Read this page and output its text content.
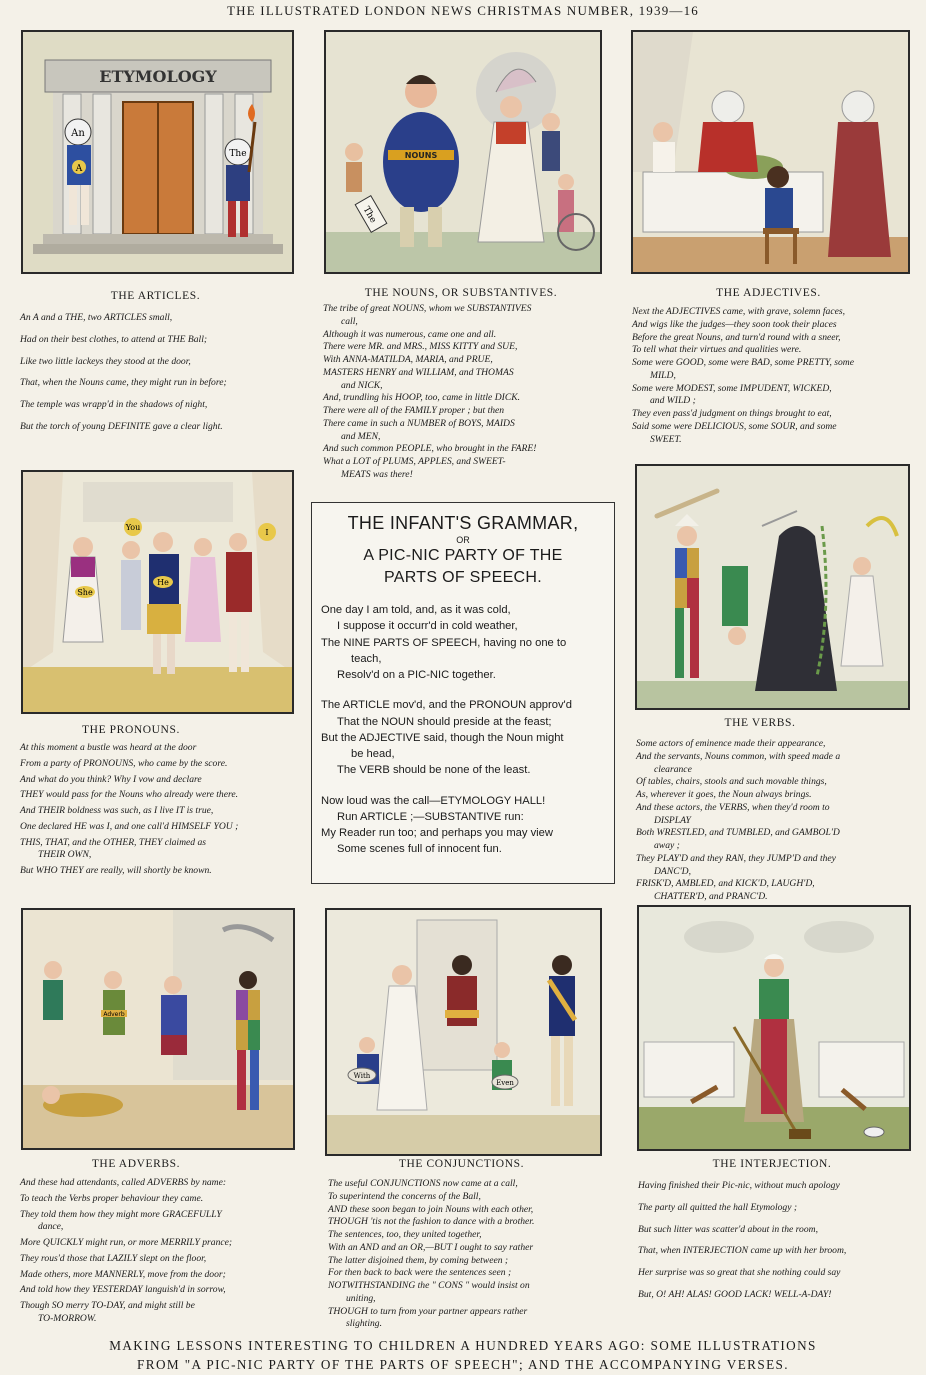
THE ILLUSTRATED LONDON NEWS CHRISTMAS NUMBER, 1939—16
ETYMOLOGY
An
A
The
THE ARTICLES.
An A and a THE, two ARTICLES small,
Had on their best clothes, to attend at THE Ball;
Like two little lackeys they stood at the door,
That, when the Nouns came, they might run in before;
The temple was wrapp'd in the shadows of night,
But the torch of young DEFINITE gave a clear light.
NOUNS
The
THE NOUNS, OR SUBSTANTIVES.
The tribe of great NOUNS, whom we SUBSTANTIVES
call,
Although it was numerous, came one and all.
There were MR. and MRS., MISS KITTY and SUE,
With ANNA-MATILDA, MARIA, and PRUE,
MASTERS HENRY and WILLIAM, and THOMAS
and NICK,
And, trundling his HOOP, too, came in little DICK.
There were all of the FAMILY proper ; but then
There came in such a NUMBER of BOYS, MAIDS
and MEN,
And such common PEOPLE, who brought in the FARE!
What a LOT of PLUMS, APPLES, and SWEET-
MEATS was there!
THE ADJECTIVES.
Next the ADJECTIVES came, with grave, solemn faces,
And wigs like the judges—they soon took their places
Before the great Nouns, and turn'd round with a sneer,
To tell what their virtues and qualities were.
Some were GOOD, some were BAD, some PRETTY, some
MILD,
Some were MODEST, some IMPUDENT, WICKED,
and WILD ;
They even pass'd judgment on things brought to eat,
Said some were DELICIOUS, some SOUR, and some
SWEET.
She
You
He
I
THE PRONOUNS.
At this moment a bustle was heard at the door
From a party of PRONOUNS, who came by the score.
And what do you think? Why I vow and declare
THEY would pass for the Nouns who already were there.
And THEIR boldness was such, as I live IT is true,
One declared HE was I, and one call'd HIMSELF YOU ;
THIS, THAT, and the OTHER, THEY claimed as
THEIR OWN,
But WHO THEY are really, will shortly be known.
THE INFANT'S GRAMMAR,
OR
A PIC-NIC PARTY OF THE
PARTS OF SPEECH.
One day I am told, and, as it was cold,
I suppose it occurr'd in cold weather,
The NINE PARTS OF SPEECH, having no one to
teach,
Resolv'd on a PIC-NIC together.
The ARTICLE mov'd, and the PRONOUN approv'd
That the NOUN should preside at the feast;
But the ADJECTIVE said, though the Noun might
be head,
The VERB should be none of the least.
Now loud was the call—ETYMOLOGY HALL!
Run ARTICLE ;—SUBSTANTIVE run:
My Reader run too; and perhaps you may view
Some scenes full of innocent fun.
THE VERBS.
Some actors of eminence made their appearance,
And the servants, Nouns common, with speed made a
clearance
Of tables, chairs, stools and such movable things,
As, wherever it goes, the Noun always brings.
And these actors, the VERBS, when they'd room to
DISPLAY
Both WRESTLED, and TUMBLED, and GAMBOL'D
away ;
They PLAY'D and they RAN, they JUMP'D and they
DANC'D,
FRISK'D, AMBLED, and KICK'D, LAUGH'D,
CHATTER'D, and PRANC'D.
Adverb
THE ADVERBS.
And these had attendants, called ADVERBS by name:
To teach the Verbs proper behaviour they came.
They told them how they might more GRACEFULLY
dance,
More QUICKLY might run, or more MERRILY prance;
They rous'd those that LAZILY slept on the floor,
Made others, more MANNERLY, move from the door;
And told how they YESTERDAY languish'd in sorrow,
Though SO merry TO-DAY, and might still be
TO-MORROW.
With
Even
THE CONJUNCTIONS.
The useful CONJUNCTIONS now came at a call,
To superintend the concerns of the Ball,
AND these soon began to join Nouns with each other,
THOUGH 'tis not the fashion to dance with a brother.
The sentences, too, they united together,
With an AND and an OR,—BUT I ought to say rather
The latter disjoined them, by coming between ;
For then back to back were the sentences seen ;
NOTWITHSTANDING the " CONS " would insist on
uniting,
THOUGH to turn from your partner appears rather
slighting.
THE INTERJECTION.
Having finished their Pic-nic, without much apology
The party all quitted the hall Etymology ;
But such litter was scatter'd about in the room,
That, when INTERJECTION came up with her broom,
Her surprise was so great that she nothing could say
But, O! AH! ALAS! GOOD LACK! WELL-A-DAY!
MAKING LESSONS INTERESTING TO CHILDREN A HUNDRED YEARS AGO: SOME ILLUSTRATIONS
FROM "A PIC-NIC PARTY OF THE PARTS OF SPEECH"; AND THE ACCOMPANYING VERSES.
